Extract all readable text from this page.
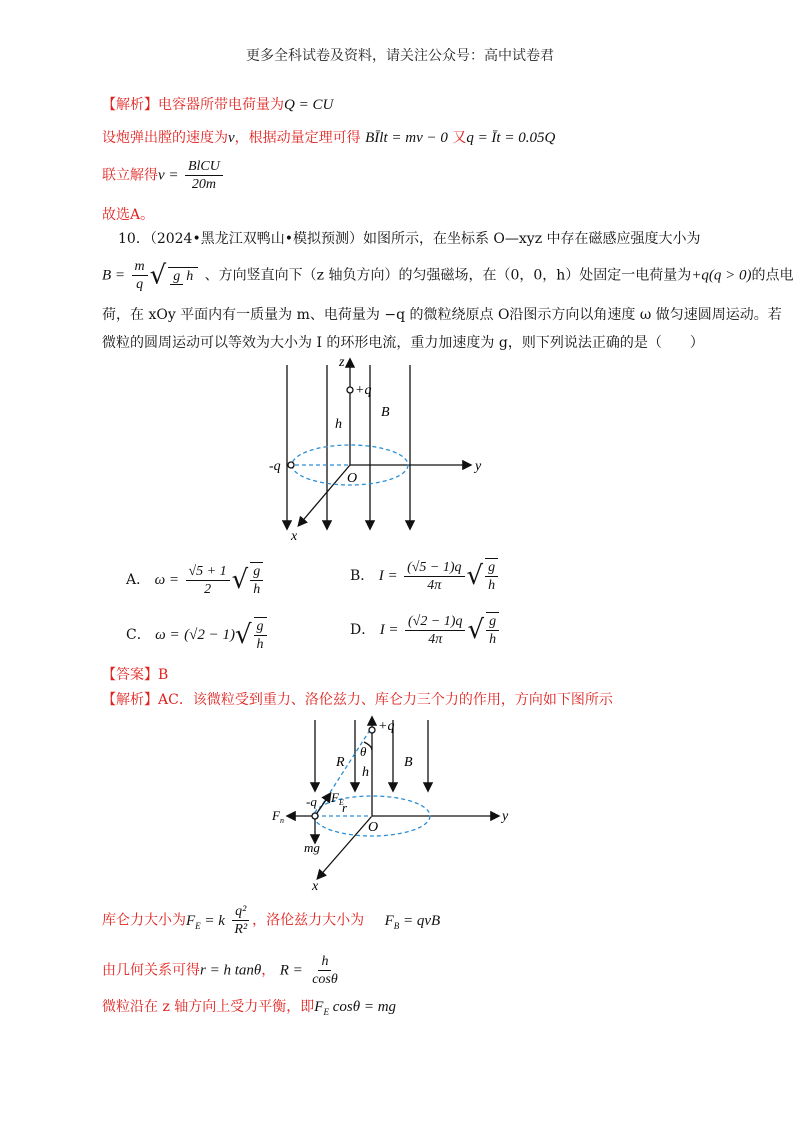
更多全科试卷及资料，请关注公众号：高中试卷君
【解析】电容器所带电荷量为Q = CU
设炮弹出膛的速度为v，根据动量定理可得 BĪlt = mv − 0 又q = Īt = 0.05Q
联立解得$v = \frac{\text{BlCU}}{20m}$
故选A。
10．（2024•黑龙江双鸭山•模拟预测）如图所示，在坐标系 O—xyz 中存在磁感应强度大小为
$B = \frac{m}{q}$ √ g h 、方向竖直向下（z 轴负方向）的匀强磁场，在（0，0，h）处固定一电荷量为+q(q > 0)的点电
荷，在 xOy 平面内有一质量为 m、电荷量为 −q 的微粒绕原点 O沿图示方向以角速度 ω 做匀速圆周运动。若
微粒的圆周运动可以等效为大小为 I 的环形电流，重力加速度为 g，则下列说法正确的是（　　）
z
+q
h
B
-q
O
y
x
A． $\omega = \frac{√5 + 1}{2}$ √ $\frac{g}{h}$	B． $I = \frac{(√5 - 1)q}{4\pi}$ √ $\frac{g}{h}$
C． $\omega = (√2 - 1)√ \frac{g}{h}$	D． $I = \frac{(√2 - 1)q}{4\pi}$ √ $\frac{g}{h}$
【答案】B
【解析】AC．该微粒受到重力、洛伦兹力、库仑力三个力的作用，方向如下图所示
+q
θ
R
h
B
-q $F_E$
$F_n$
r
O
y
mg
x
库仑力大小为$F_E = k \frac{\text{q²}}{\text{R²}}$ ，洛伦兹力大小为 $F_B$ = qvB
由几何关系可得r = h tanθ， $R = \frac{h}{\cos\theta}$
微粒沿在 z 轴方向上受力平衡，即$F_E$ cosθ = mg
